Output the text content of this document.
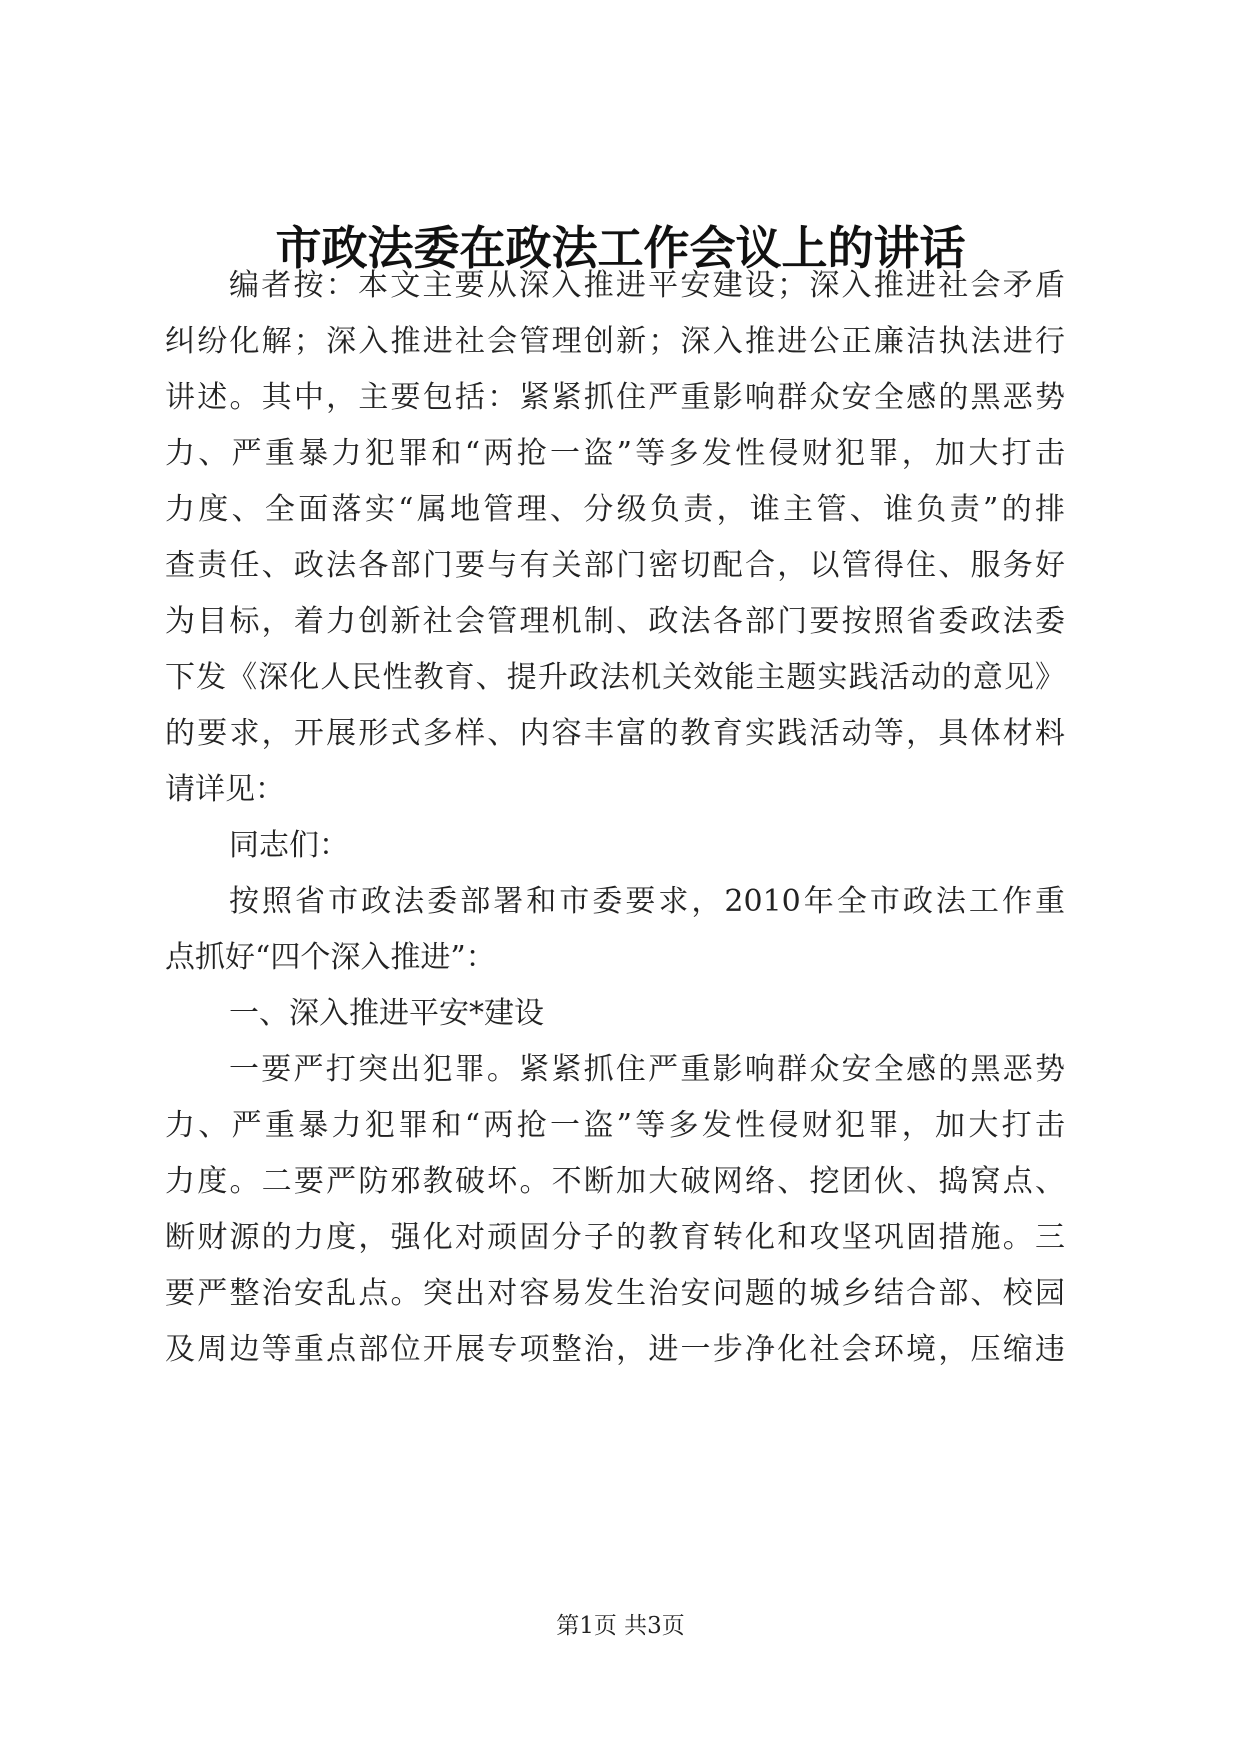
市政法委在政法工作会议上的讲话
编者按：本文主要从深入推进平安建设；深入推进社会矛盾
纠纷化解；深入推进社会管理创新；深入推进公正廉洁执法进行
讲述。其中，主要包括：紧紧抓住严重影响群众安全感的黑恶势
力、严重暴力犯罪和“两抢一盗”等多发性侵财犯罪，加大打击
力度、全面落实“属地管理、分级负责，谁主管、谁负责”的排
查责任、政法各部门要与有关部门密切配合，以管得住、服务好
为目标，着力创新社会管理机制、政法各部门要按照省委政法委
下发《深化人民性教育、提升政法机关效能主题实践活动的意见》
的要求，开展形式多样、内容丰富的教育实践活动等，具体材料
请详见：
同志们：
按照省市政法委部署和市委要求，2010年全市政法工作重
点抓好“四个深入推进”：
一、深入推进平安*建设
一要严打突出犯罪。紧紧抓住严重影响群众安全感的黑恶势
力、严重暴力犯罪和“两抢一盗”等多发性侵财犯罪，加大打击
力度。二要严防邪教破坏。不断加大破网络、挖团伙、捣窝点、
断财源的力度，强化对顽固分子的教育转化和攻坚巩固措施。三
要严整治安乱点。突出对容易发生治安问题的城乡结合部、校园
及周边等重点部位开展专项整治，进一步净化社会环境，压缩违
第1页 共3页
